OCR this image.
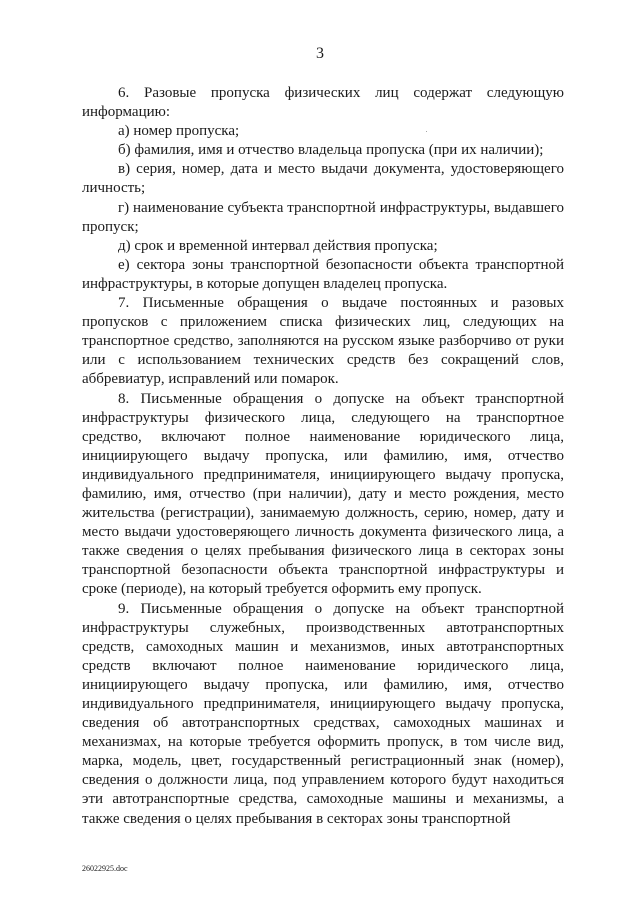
3

6. Разовые пропуска физических лиц содержат следующую информацию:

а) номер пропуска;

б) фамилия, имя и отчество владельца пропуска (при их наличии);

в) серия, номер, дата и место выдачи документа, удостоверяющего личность;

г) наименование субъекта транспортной инфраструктуры, выдавшего пропуск;

д) срок и временной интервал действия пропуска;

е) сектора зоны транспортной безопасности объекта транспортной инфраструктуры, в которые допущен владелец пропуска.

7. Письменные обращения о выдаче постоянных и разовых пропусков с приложением списка физических лиц, следующих на транспортное средство, заполняются на русском языке разборчиво от руки или с использованием технических средств без сокращений слов, аббревиатур, исправлений или помарок.

8. Письменные обращения о допуске на объект транспортной инфраструктуры физического лица, следующего на транспортное средство, включают полное наименование юридического лица, инициирующего выдачу пропуска, или фамилию, имя, отчество индивидуального предпринимателя, инициирующего выдачу пропуска, фамилию, имя, отчество (при наличии), дату и место рождения, место жительства (регистрации), занимаемую должность, серию, номер, дату и место выдачи удостоверяющего личность документа физического лица, а также сведения о целях пребывания физического лица в секторах зоны транспортной безопасности объекта транспортной инфраструктуры и сроке (периоде), на который требуется оформить ему пропуск.

9. Письменные обращения о допуске на объект транспортной инфраструктуры служебных, производственных автотранспортных средств, самоходных машин и механизмов, иных автотранспортных средств включают полное наименование юридического лица, инициирующего выдачу пропуска, или фамилию, имя, отчество индивидуального предпринимателя, инициирующего выдачу пропуска, сведения об автотранспортных средствах, самоходных машинах и механизмах, на которые требуется оформить пропуск, в том числе вид, марка, модель, цвет, государственный регистрационный знак (номер), сведения о должности лица, под управлением которого будут находиться эти автотранспортные средства, самоходные машины и механизмы, а также сведения о целях пребывания в секторах зоны транспортной

26022925.doc
